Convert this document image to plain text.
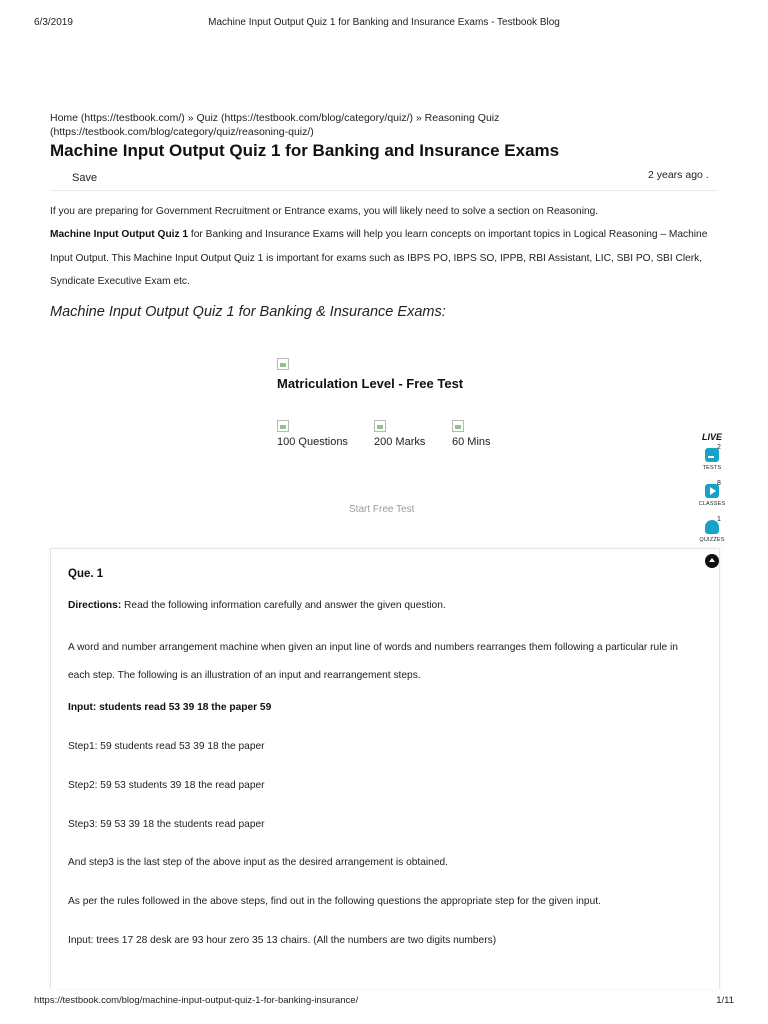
6/3/2019	Machine Input Output Quiz 1 for Banking and Insurance Exams - Testbook Blog
https://testbook.com/blog/machine-input-output-quiz-1-for-banking-insurance/	1/11
Home (https://testbook.com/) » Quiz (https://testbook.com/blog/category/quiz/) » Reasoning Quiz (https://testbook.com/blog/category/quiz/reasoning-quiz/)
Machine Input Output Quiz 1 for Banking and Insurance Exams
Save	2 years ago .
If you are preparing for Government Recruitment or Entrance exams, you will likely need to solve a section on Reasoning.
Machine Input Output Quiz 1 for Banking and Insurance Exams will help you learn concepts on important topics in Logical Reasoning – Machine Input Output. This Machine Input Output Quiz 1 is important for exams such as IBPS PO, IBPS SO, IPPB, RBI Assistant, LIC, SBI PO, SBI Clerk, Syndicate Executive Exam etc.
Machine Input Output Quiz 1 for Banking & Insurance Exams:
Matriculation Level - Free Test
100 Questions 200 Marks 60 Mins
Start Free Test
LIVE
2
TESTS
8
CLASSES
1
QUIZZES
Que. 1
Directions: Read the following information carefully and answer the given question.
A word and number arrangement machine when given an input line of words and numbers rearranges them following a particular rule in each step. The following is an illustration of an input and rearrangement steps.
Input: students read 53 39 18 the paper 59
Step1: 59 students read 53 39 18 the paper
Step2: 59 53 students 39 18 the read paper
Step3: 59 53 39 18 the students read paper
And step3 is the last step of the above input as the desired arrangement is obtained.
As per the rules followed in the above steps, find out in the following questions the appropriate step for the given input.
Input: trees 17 28 desk are 93 hour zero 35 13 chairs. (All the numbers are two digits numbers)
